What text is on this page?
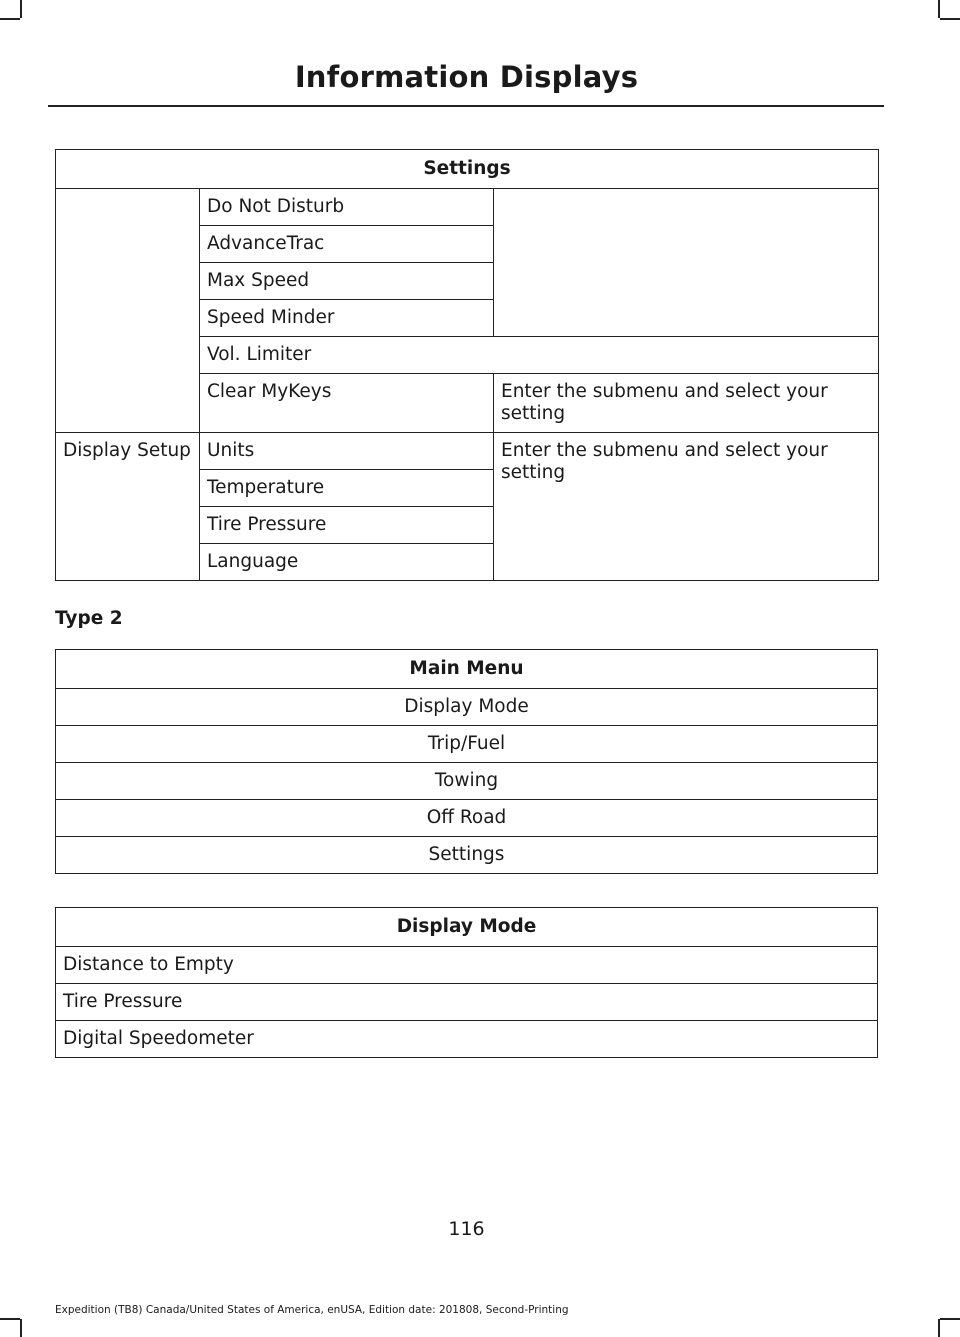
Information Displays
Settings		
	Do Not Disturb	
	AdvanceTrac	
	Max Speed	
	Speed Minder	
	Vol. Limiter	
	Clear MyKeys	Enter the submenu and select your setting
Display Setup	Units	Enter the submenu and select your setting
	Temperature	
	Tire Pressure	
	Language	
Type 2
Main Menu
Display Mode
Trip/Fuel
Towing
Off Road
Settings
Display Mode
Distance to Empty
Tire Pressure
Digital Speedometer
116
Expedition (TB8) Canada/United States of America, enUSA, Edition date: 201808, Second-Printing
